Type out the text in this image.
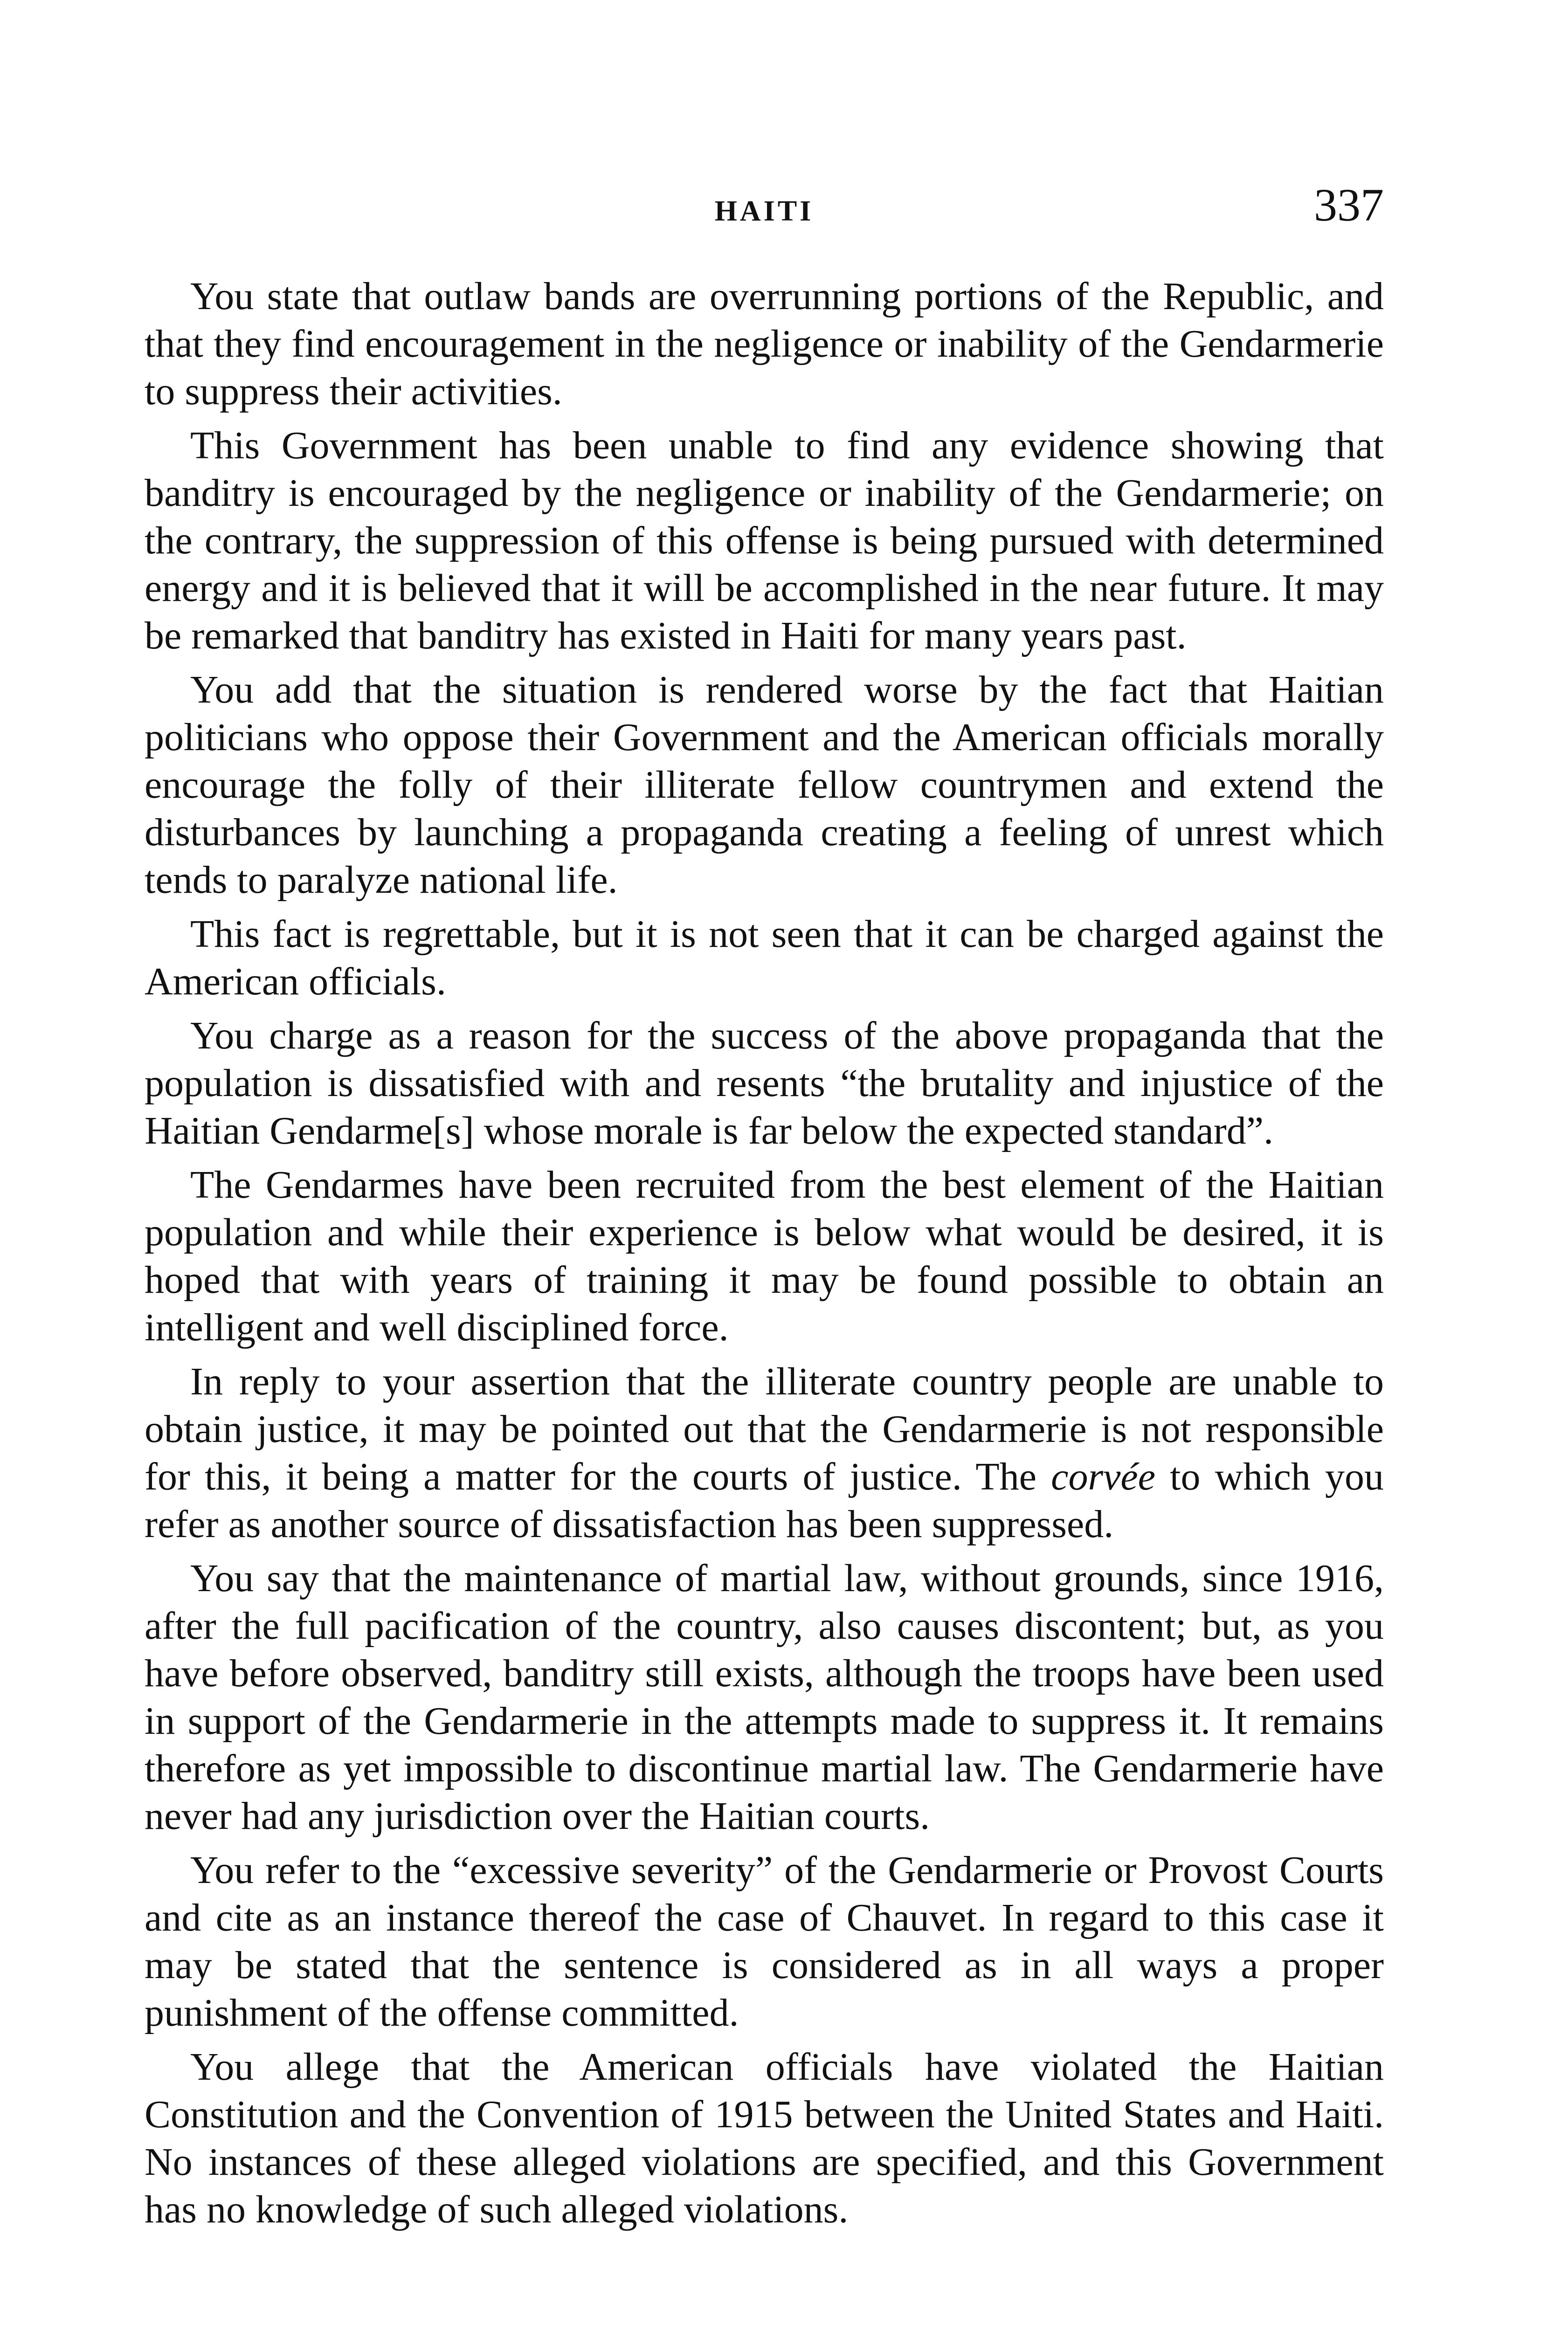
HAITI	337

You state that outlaw bands are overrunning portions of the Republic, and that they find encouragement in the negligence or inability of the Gendarmerie to suppress their activities.

This Government has been unable to find any evidence showing that banditry is encouraged by the negligence or inability of the Gendarmerie; on the contrary, the suppression of this offense is being pursued with determined energy and it is believed that it will be accomplished in the near future. It may be remarked that banditry has existed in Haiti for many years past.

You add that the situation is rendered worse by the fact that Haitian politicians who oppose their Government and the American officials morally encourage the folly of their illiterate fellow countrymen and extend the disturbances by launching a propaganda creating a feeling of unrest which tends to paralyze national life.

This fact is regrettable, but it is not seen that it can be charged against the American officials.

You charge as a reason for the success of the above propaganda that the population is dissatisfied with and resents “the brutality and injustice of the Haitian Gendarme[s] whose morale is far below the expected standard”.

The Gendarmes have been recruited from the best element of the Haitian population and while their experience is below what would be desired, it is hoped that with years of training it may be found possible to obtain an intelligent and well disciplined force.

In reply to your assertion that the illiterate country people are unable to obtain justice, it may be pointed out that the Gendarmerie is not responsible for this, it being a matter for the courts of justice. The corvée to which you refer as another source of dissatisfaction has been suppressed.

You say that the maintenance of martial law, without grounds, since 1916, after the full pacification of the country, also causes discontent; but, as you have before observed, banditry still exists, although the troops have been used in support of the Gendarmerie in the attempts made to suppress it. It remains therefore as yet impossible to discontinue martial law. The Gendarmerie have never had any jurisdiction over the Haitian courts.

You refer to the “excessive severity” of the Gendarmerie or Provost Courts and cite as an instance thereof the case of Chauvet. In regard to this case it may be stated that the sentence is considered as in all ways a proper punishment of the offense committed.

You allege that the American officials have violated the Haitian Constitution and the Convention of 1915 between the United States and Haiti. No instances of these alleged violations are specified, and this Government has no knowledge of such alleged violations.
